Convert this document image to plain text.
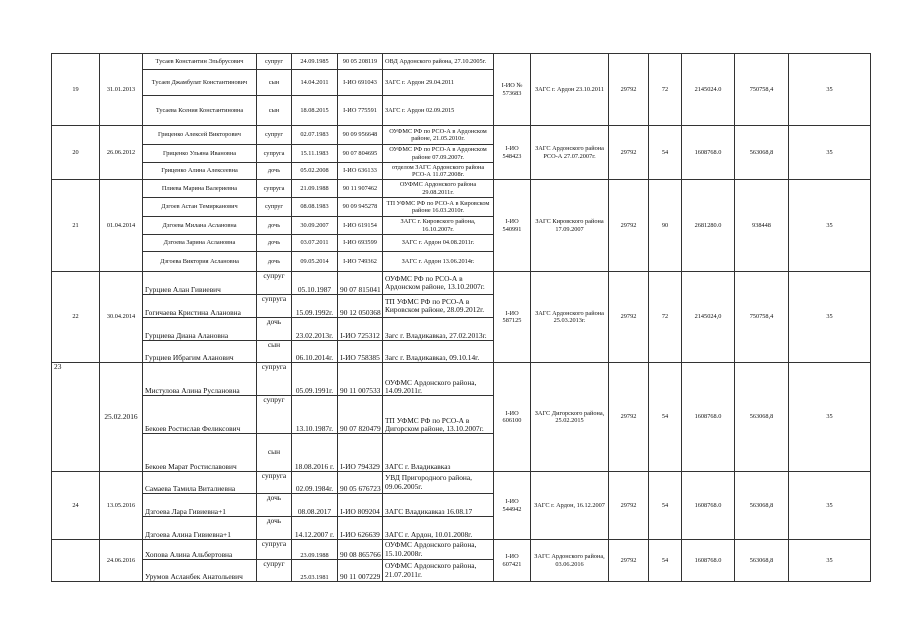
19	31.01.2013	Тусаев Константин Эльбрусович	супруг	24.09.1985	90 05 208119	ОВД Ардонского района, 27.10.2005г.	I-ИО № 573683	ЗАГС г. Ардон 23.10.2011	29792	72	2145024.0	750758,4	35
		Тусаев Джамбулат Константинович	сын	14.04.2011	I-ИО 691043	ЗАГС г. Ардон 29.04.2011							
		Тусаева Ксения Константиновна	сын	18.08.2015	I-ИО 775591	ЗАГС г. Ардон 02.09.2015							
20	26.06.2012	Гриценко Алексей Викторович	супруг	02.07.1983	90 09 956648	ОУФМС РФ по РСО-А в Ардонском районе, 21.05.2010г.	I-ИО 548423	ЗАГС Ардонского района РСО-А 27.07.2007г.	29792	54	1608768.0	563068,8	35
		Гриценко Ульяна Ивановна	супруга	15.11.1983	90 07 804695	ОУФМС РФ по РСО-А в Ардонском районе 07.09.2007г.							
		Гриценко Алина Алексеевна	дочь	05.02.2008	I-ИО 636133	отделом ЗАГС Ардонского района РСО-А 11.07.2008г.							
21	01.04.2014	Плиева Марина Валериевна	супруга	21.09.1988	90 11 907462	ОУФМС Ардонского района 29.08.2011г.	I-ИО 540991	ЗАГС Кировского района 17.09.2007	29792	90	2681280.0	938448	35
		Дзгоев Астан Темирканович	супруг	08.08.1983	90 09 945278	ТП УФМС РФ по РСО-А в Кировском районе 16.03.2010г.							
		Дзгоева Милана Аслановна	дочь	30.09.2007	I-ИО 619154	ЗАГС г. Кировского района, 16.10.2007г.							
		Дзгоева Зарина Аслановна	дочь	03.07.2011	I-ИО 693599	ЗАГС г. Ардон 04.08.2011г.							
		Дзгоева Виктория Аслановна	дочь	09.05.2014	I-ИО 749362	ЗАГС г. Ардон 13.06.2014г.							
22	30.04.2014	Гурциев Алан Гивиевич	супруг	05.10.1987	90 07 815041	ОУФМС РФ по РСО-А в Ардонском районе, 13.10.2007г.	I-ИО 587125	ЗАГС Ардонского района 25.03.2013г.	29792	72	2145024,0	750758,4	35
		Гогичаева Кристина Алановна	супруга	15.09.1992г.	90 12 050368	ТП УФМС РФ по РСО-А в Кировском районе, 28.09.2012г.							
		Гурциева Диана Алановна	дочь	23.02.2013г.	I-ИО 725312	Загс г. Владикавказ, 27.02.2013г.							
		Гурциев Ибрагим Аланович	сын	06.10.2014г.	I-ИО 758385	Загс г. Владикавказ, 09.10.14г.							
23	25.02.2016	Мистулова Алина Руслановна	супруга	05.09.1991г.	90 11 007533	ОУФМС Ардонского района, 14.09.2011г.	I-ИО 606100	ЗАГС Дигорского района, 25.02.2015	29792	54	1608768.0	563068,8	35
		Бекоев Ростислав Феликсович	супруг	13.10.1987г.	90 07 820479	ТП УФМС РФ по РСО-А в Дигорском районе, 13.10.2007г.							
		Бекоев Марат Ростиславович	сын	18.08.2016 г.	I-ИО 794329	ЗАГС г. Владикавказ							
24	13.05.2016	Самаева Тамила Виталиевна	супруга	02.09.1984г.	90 05 676723	УВД Пригородного района, 09.06.2005г.	I-ИО 544942	ЗАГС г. Ардон, 16.12.2007	29792	54	1608768.0	563068,8	35
		Дзгоева Лара Гивиевна+1	дочь	08.08.2017	I-ИО 809204	ЗАГС Владикавказ 16.08.17							
		Дзгоева Алина Гивиевна+1	дочь	14.12.2007 г.	I-ИО 626639	ЗАГС г. Ардон, 10.01.2008г.							
	24.06.2016	Хопова Алина Альбертовна	супруга	23.09.1988	90 08 865766	ОУФМС Ардонского района, 15.10.2008г.	I-ИО 607421	ЗАГС Ардонского района, 03.06.2016	29792	54	1608768.0	563068,8	35
		Урумов Асланбек Анатольевич	супруг	25.03.1981	90 11 007229	ОУФМС Ардонского района, 21.07.2011г.							
